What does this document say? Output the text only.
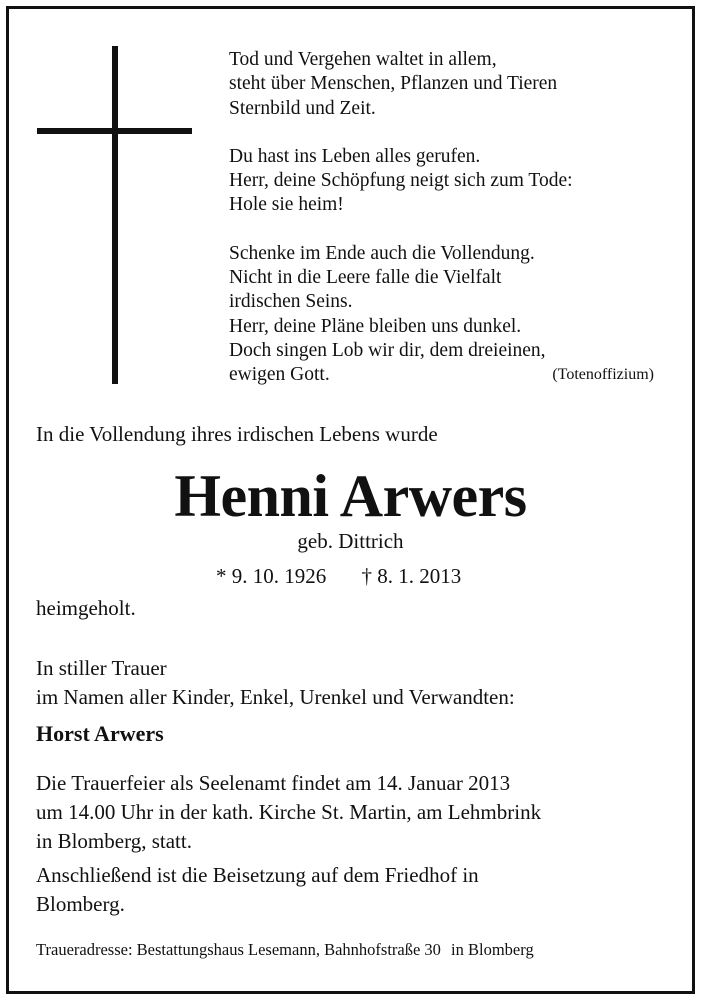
Tod und Vergehen waltet in allem,
steht über Menschen, Pflanzen und Tieren
Sternbild und Zeit.
Du hast ins Leben alles gerufen.
Herr, deine Schöpfung neigt sich zum Tode:
Hole sie heim!
Schenke im Ende auch die Vollendung.
Nicht in die Leere falle die Vielfalt
irdischen Seins.
Herr, deine Pläne bleiben uns dunkel.
Doch singen Lob wir dir, dem dreieinen,
ewigen Gott.	(Totenoffizium)
In die Vollendung ihres irdischen Lebens wurde
Henni Arwers
geb. Dittrich
* 9. 10. 1926 † 8. 1. 2013
heimgeholt.
In stiller Trauer
im Namen aller Kinder, Enkel, Urenkel und Verwandten:
Horst Arwers
Die Trauerfeier als Seelenamt findet am 14. Januar 2013
um 14.00 Uhr in der kath. Kirche St. Martin, am Lehmbrink
in Blomberg, statt.
Anschließend ist die Beisetzung auf dem Friedhof in
Blomberg.
Traueradresse: Bestattungshaus Lesemann, Bahnhofstraße 30 in Blomberg
